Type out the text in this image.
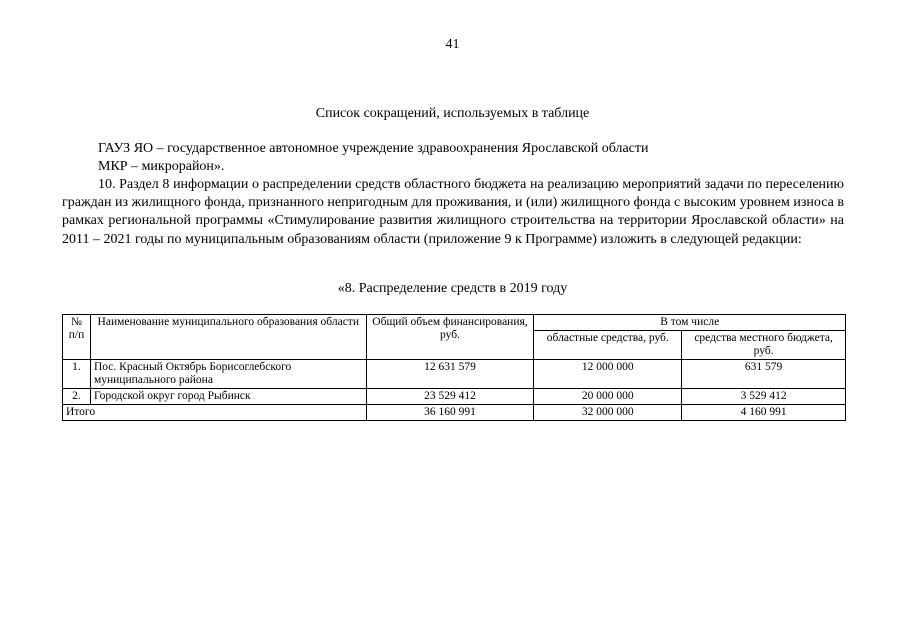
41
Список сокращений, используемых в таблице
ГАУЗ ЯО – государственное автономное учреждение здравоохранения Ярославской области
МКР – микрорайон».
10. Раздел 8 информации о распределении средств областного бюджета на реализацию мероприятий задачи по переселению граждан из жилищного фонда, признанного непригодным для проживания, и (или) жилищного фонда с высоким уровнем износа в рамках региональной программы «Стимулирование развития жилищного строительства на территории Ярославской области» на 2011 – 2021 годы по муниципальным образованиям области (приложение 9 к Программе) изложить в следующей редакции:
«8. Распределение средств в 2019 году
№ п/п	Наименование муниципального образования области	Общий объем финансирования, руб.	В том числе	
			областные средства, руб.	средства местного бюджета, руб.
1.	Пос. Красный Октябрь Борисоглебского муниципального района	12 631 579	12 000 000	631 579
2.	Городской округ город Рыбинск	23 529 412	20 000 000	3 529 412
Итого		36 160 991	32 000 000	4 160 991
